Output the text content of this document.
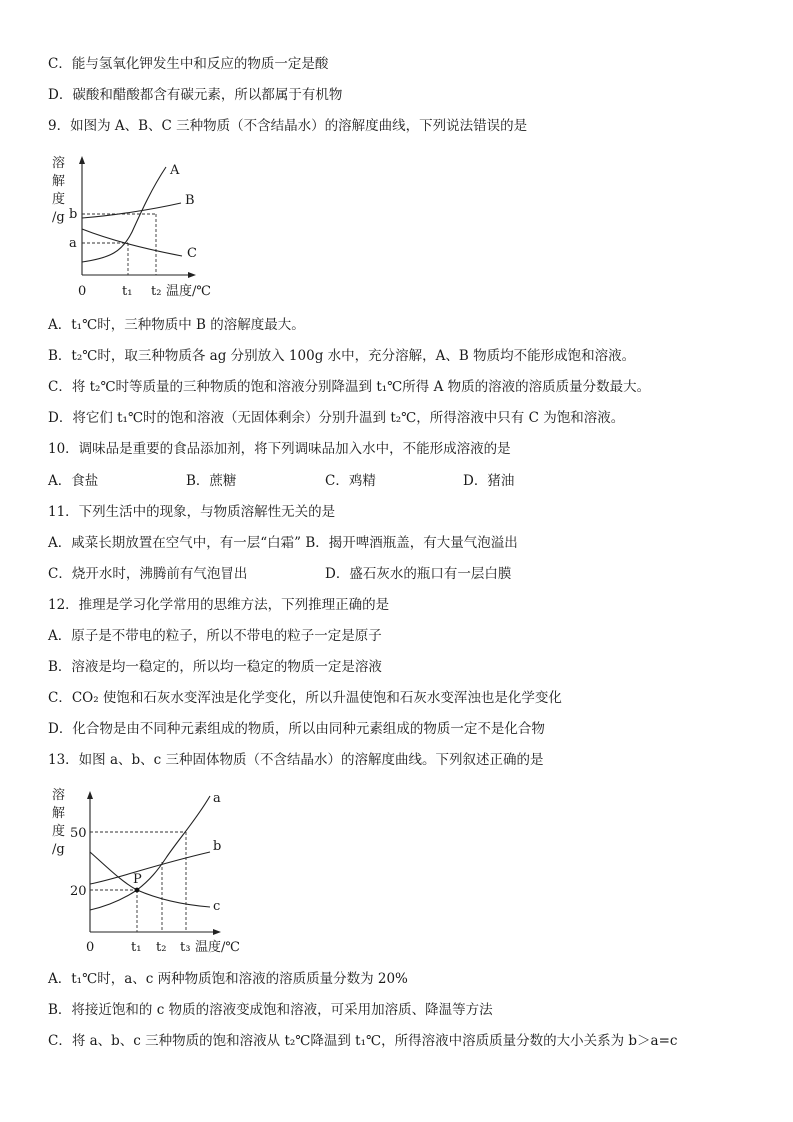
C．能与氢氧化钾发生中和反应的物质一定是酸
D．碳酸和醋酸都含有碳元素，所以都属于有机物
9．如图为 A、B、C 三种物质（不含结晶水）的溶解度曲线，下列说法错误的是
溶
解
度
/g
A
B
C
b
a
0	t₁ t₂ 温度/℃
A．t₁℃时，三种物质中 B 的溶解度最大。
B．t₂℃时，取三种物质各 ag 分别放入 100g 水中，充分溶解，A、B 物质均不能形成饱和溶液。
C．将 t₂℃时等质量的三种物质的饱和溶液分别降温到 t₁℃所得 A 物质的溶液的溶质质量分数最大。
D．将它们 t₁℃时的饱和溶液（无固体剩余）分别升温到 t₂℃，所得溶液中只有 C 为饱和溶液。
10．调味品是重要的食品添加剂，将下列调味品加入水中，不能形成溶液的是
A．食盐	B．蔗糖	C．鸡精	D．猪油
11．下列生活中的现象，与物质溶解性无关的是
A．咸菜长期放置在空气中，有一层“白霜” B．揭开啤酒瓶盖，有大量气泡溢出
C．烧开水时，沸腾前有气泡冒出	D．盛石灰水的瓶口有一层白膜
12．推理是学习化学常用的思维方法，下列推理正确的是
A．原子是不带电的粒子，所以不带电的粒子一定是原子
B．溶液是均一稳定的，所以均一稳定的物质一定是溶液
C．CO₂ 使饱和石灰水变浑浊是化学变化，所以升温使饱和石灰水变浑浊也是化学变化
D．化合物是由不同种元素组成的物质，所以由同种元素组成的物质一定不是化合物
13．如图 a、b、c 三种固体物质（不含结晶水）的溶解度曲线。下列叙述正确的是
溶
解
度
/g
a
b
c
P
50
20
0	t₁ t₂ t₃ 温度/℃
A．t₁℃时，a、c 两种物质饱和溶液的溶质质量分数为 20%
B．将接近饱和的 c 物质的溶液变成饱和溶液，可采用加溶质、降温等方法
C．将 a、b、c 三种物质的饱和溶液从 t₂℃降温到 t₁℃，所得溶液中溶质质量分数的大小关系为 b＞a=c
